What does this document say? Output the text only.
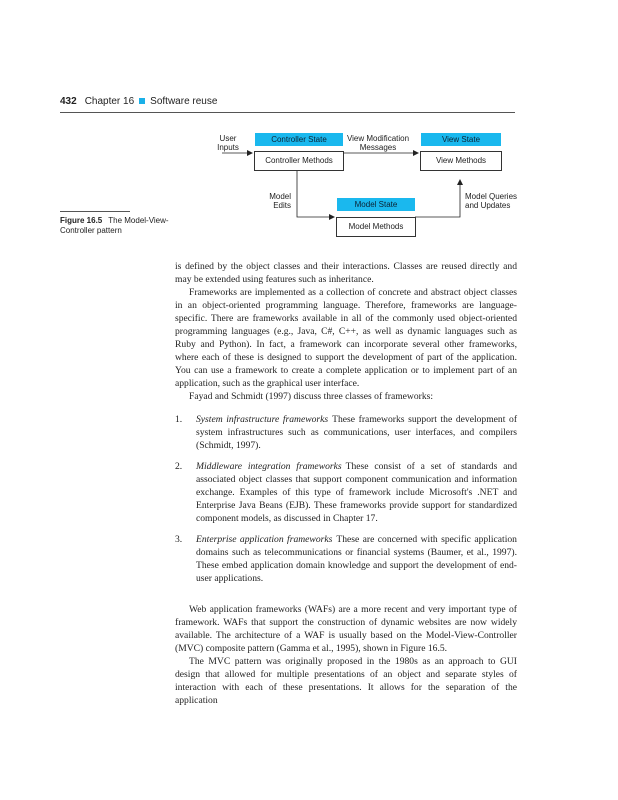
432 Chapter 16 Software reuse
Controller State
Controller Methods
View State
View Methods
Model State
Model Methods
User
Inputs
View Modification
Messages
Model
Edits
Model Queries
and Updates
Figure 16.5 The Model-View-Controller pattern

is defined by the object classes and their interactions. Classes are reused directly and may be extended using features such as inheritance.

Frameworks are implemented as a collection of concrete and abstract object classes in an object-oriented programming language. Therefore, frameworks are language-specific. There are frameworks available in all of the commonly used object-oriented programming languages (e.g., Java, C#, C++, as well as dynamic languages such as Ruby and Python). In fact, a framework can incorporate several other frameworks, where each of these is designed to support the development of part of the application. You can use a framework to create a complete application or to implement part of an application, such as the graphical user interface.

Fayad and Schmidt (1997) discuss three classes of frameworks:

1. System infrastructure frameworks These frameworks support the development of system infrastructures such as communications, user interfaces, and compilers (Schmidt, 1997).
2. Middleware integration frameworks These consist of a set of standards and associated object classes that support component communication and information exchange. Examples of this type of framework include Microsoft's .NET and Enterprise Java Beans (EJB). These frameworks provide support for standardized component models, as discussed in Chapter 17.
3. Enterprise application frameworks These are concerned with specific application domains such as telecommunications or financial systems (Baumer, et al., 1997). These embed application domain knowledge and support the development of end-user applications.

Web application frameworks (WAFs) are a more recent and very important type of framework. WAFs that support the construction of dynamic websites are now widely available. The architecture of a WAF is usually based on the Model-View-Controller (MVC) composite pattern (Gamma et al., 1995), shown in Figure 16.5.

The MVC pattern was originally proposed in the 1980s as an approach to GUI design that allowed for multiple presentations of an object and separate styles of interaction with each of these presentations. It allows for the separation of the application
